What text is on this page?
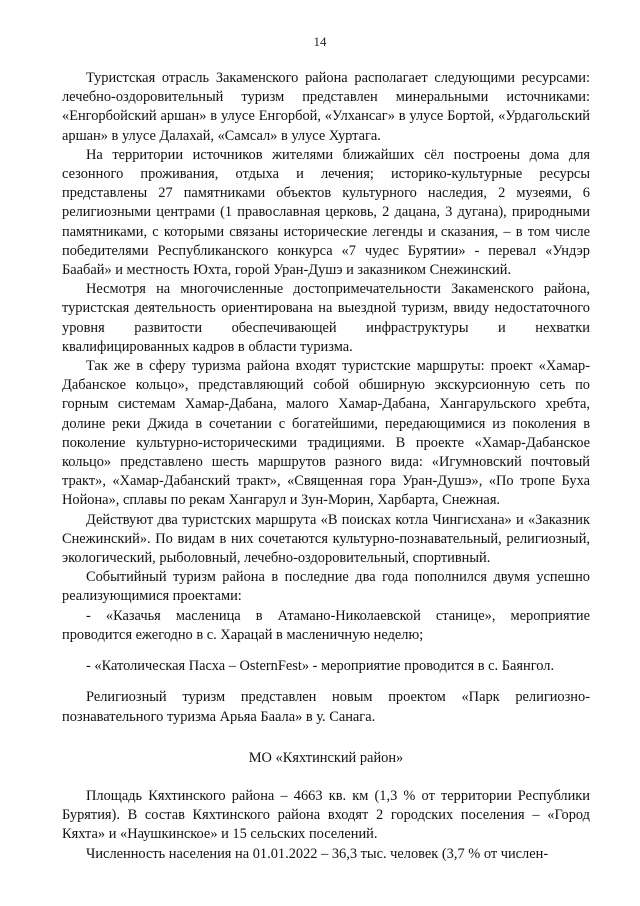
14

Туристская отрасль Закаменского района располагает следующими ресурсами: лечебно-оздоровительный туризм представлен минеральными источниками: «Енгорбойский аршан» в улусе Енгорбой, «Улхансаг» в улусе Бортой, «Урдагольский аршан» в улусе Далахай, «Самсал» в улусе Хуртага.

На территории источников жителями ближайших сёл построены дома для сезонного проживания, отдыха и лечения; историко-культурные ресурсы представлены 27 памятниками объектов культурного наследия, 2 музеями, 6 религиозными центрами (1 православная церковь, 2 дацана, 3 дугана), природными памятниками, с которыми связаны исторические легенды и сказания, – в том числе победителями Республиканского конкурса «7 чудес Бурятии» - перевал «Ундэр Баабай» и местность Юхта, горой Уран-Душэ и заказником Снежинский.

Несмотря на многочисленные достопримечательности Закаменского района, туристская деятельность ориентирована на выездной туризм, ввиду недостаточного уровня развитости обеспечивающей инфраструктуры и нехватки квалифицированных кадров в области туризма.

Так же в сферу туризма района входят туристские маршруты: проект «Хамар-Дабанское кольцо», представляющий собой обширную экскурсионную сеть по горным системам Хамар-Дабана, малого Хамар-Дабана, Хангарульского хребта, долине реки Джида в сочетании с богатейшими, передающимися из поколения в поколение культурно-историческими традициями. В проекте «Хамар-Дабанское кольцо» представлено шесть маршрутов разного вида: «Игумновский почтовый тракт», «Хамар-Дабанский тракт», «Священная гора Уран-Душэ», «По тропе Буха Нойона», сплавы по рекам Хангарул и Зун-Морин, Харбарта, Снежная.

Действуют два туристских маршрута «В поисках котла Чингисхана» и «Заказник Снежинский». По видам в них сочетаются культурно-познавательный, религиозный, экологический, рыболовный, лечебно-оздоровительный, спортивный.

Событийный туризм района в последние два года пополнился двумя успешно реализующимися проектами:

- «Казачья масленица в Атамано-Николаевской станице», мероприятие проводится ежегодно в с. Харацай в масленичную неделю;

- «Католическая Пасха – OsternFest» - мероприятие проводится в с. Баянгол.

Религиозный туризм представлен новым проектом «Парк религиозно-познавательного туризма Арьяа Баала» в у. Санага.

МО «Кяхтинский район»

Площадь Кяхтинского района – 4663 кв. км (1,3 % от территории Республики Бурятия). В состав Кяхтинского района входят 2 городских поселения – «Город Кяхта» и «Наушкинское» и 15 сельских поселений.

Численность населения на 01.01.2022 – 36,3 тыс. человек (3,7 % от числен-
